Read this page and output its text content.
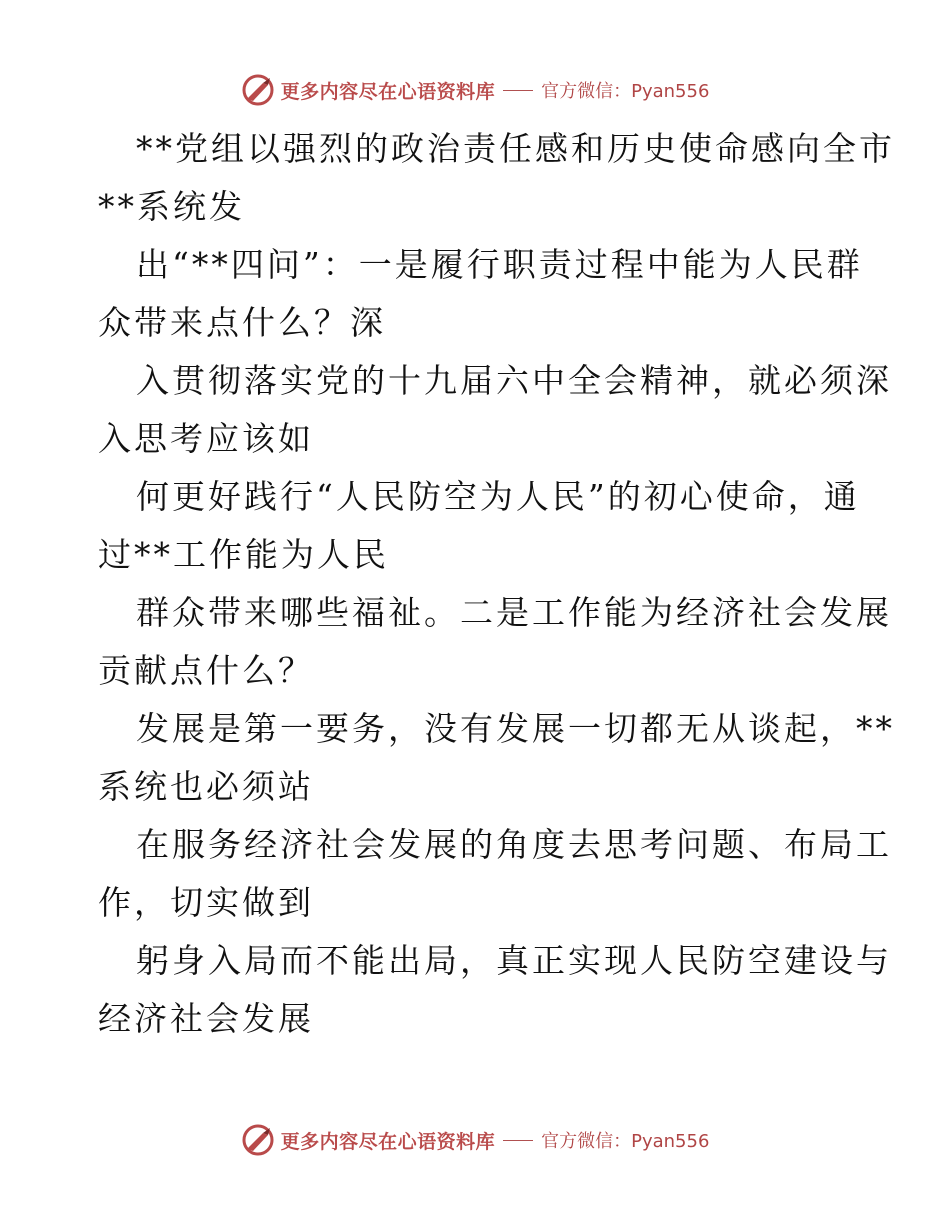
更多内容尽在心语资料库	官方微信：Pyan556

**党组以强烈的政治责任感和历史使命感向全市
**系统发

出“**四问”：一是履行职责过程中能为人民群
众带来点什么？深

入贯彻落实党的十九届六中全会精神，就必须深
入思考应该如

何更好践行“人民防空为人民”的初心使命，通
过**工作能为人民

群众带来哪些福祉。二是工作能为经济社会发展
贡献点什么？

发展是第一要务，没有发展一切都无从谈起，**
系统也必须站

在服务经济社会发展的角度去思考问题、布局工
作，切实做到

躬身入局而不能出局，真正实现人民防空建设与
经济社会发展

更多内容尽在心语资料库	官方微信：Pyan556
